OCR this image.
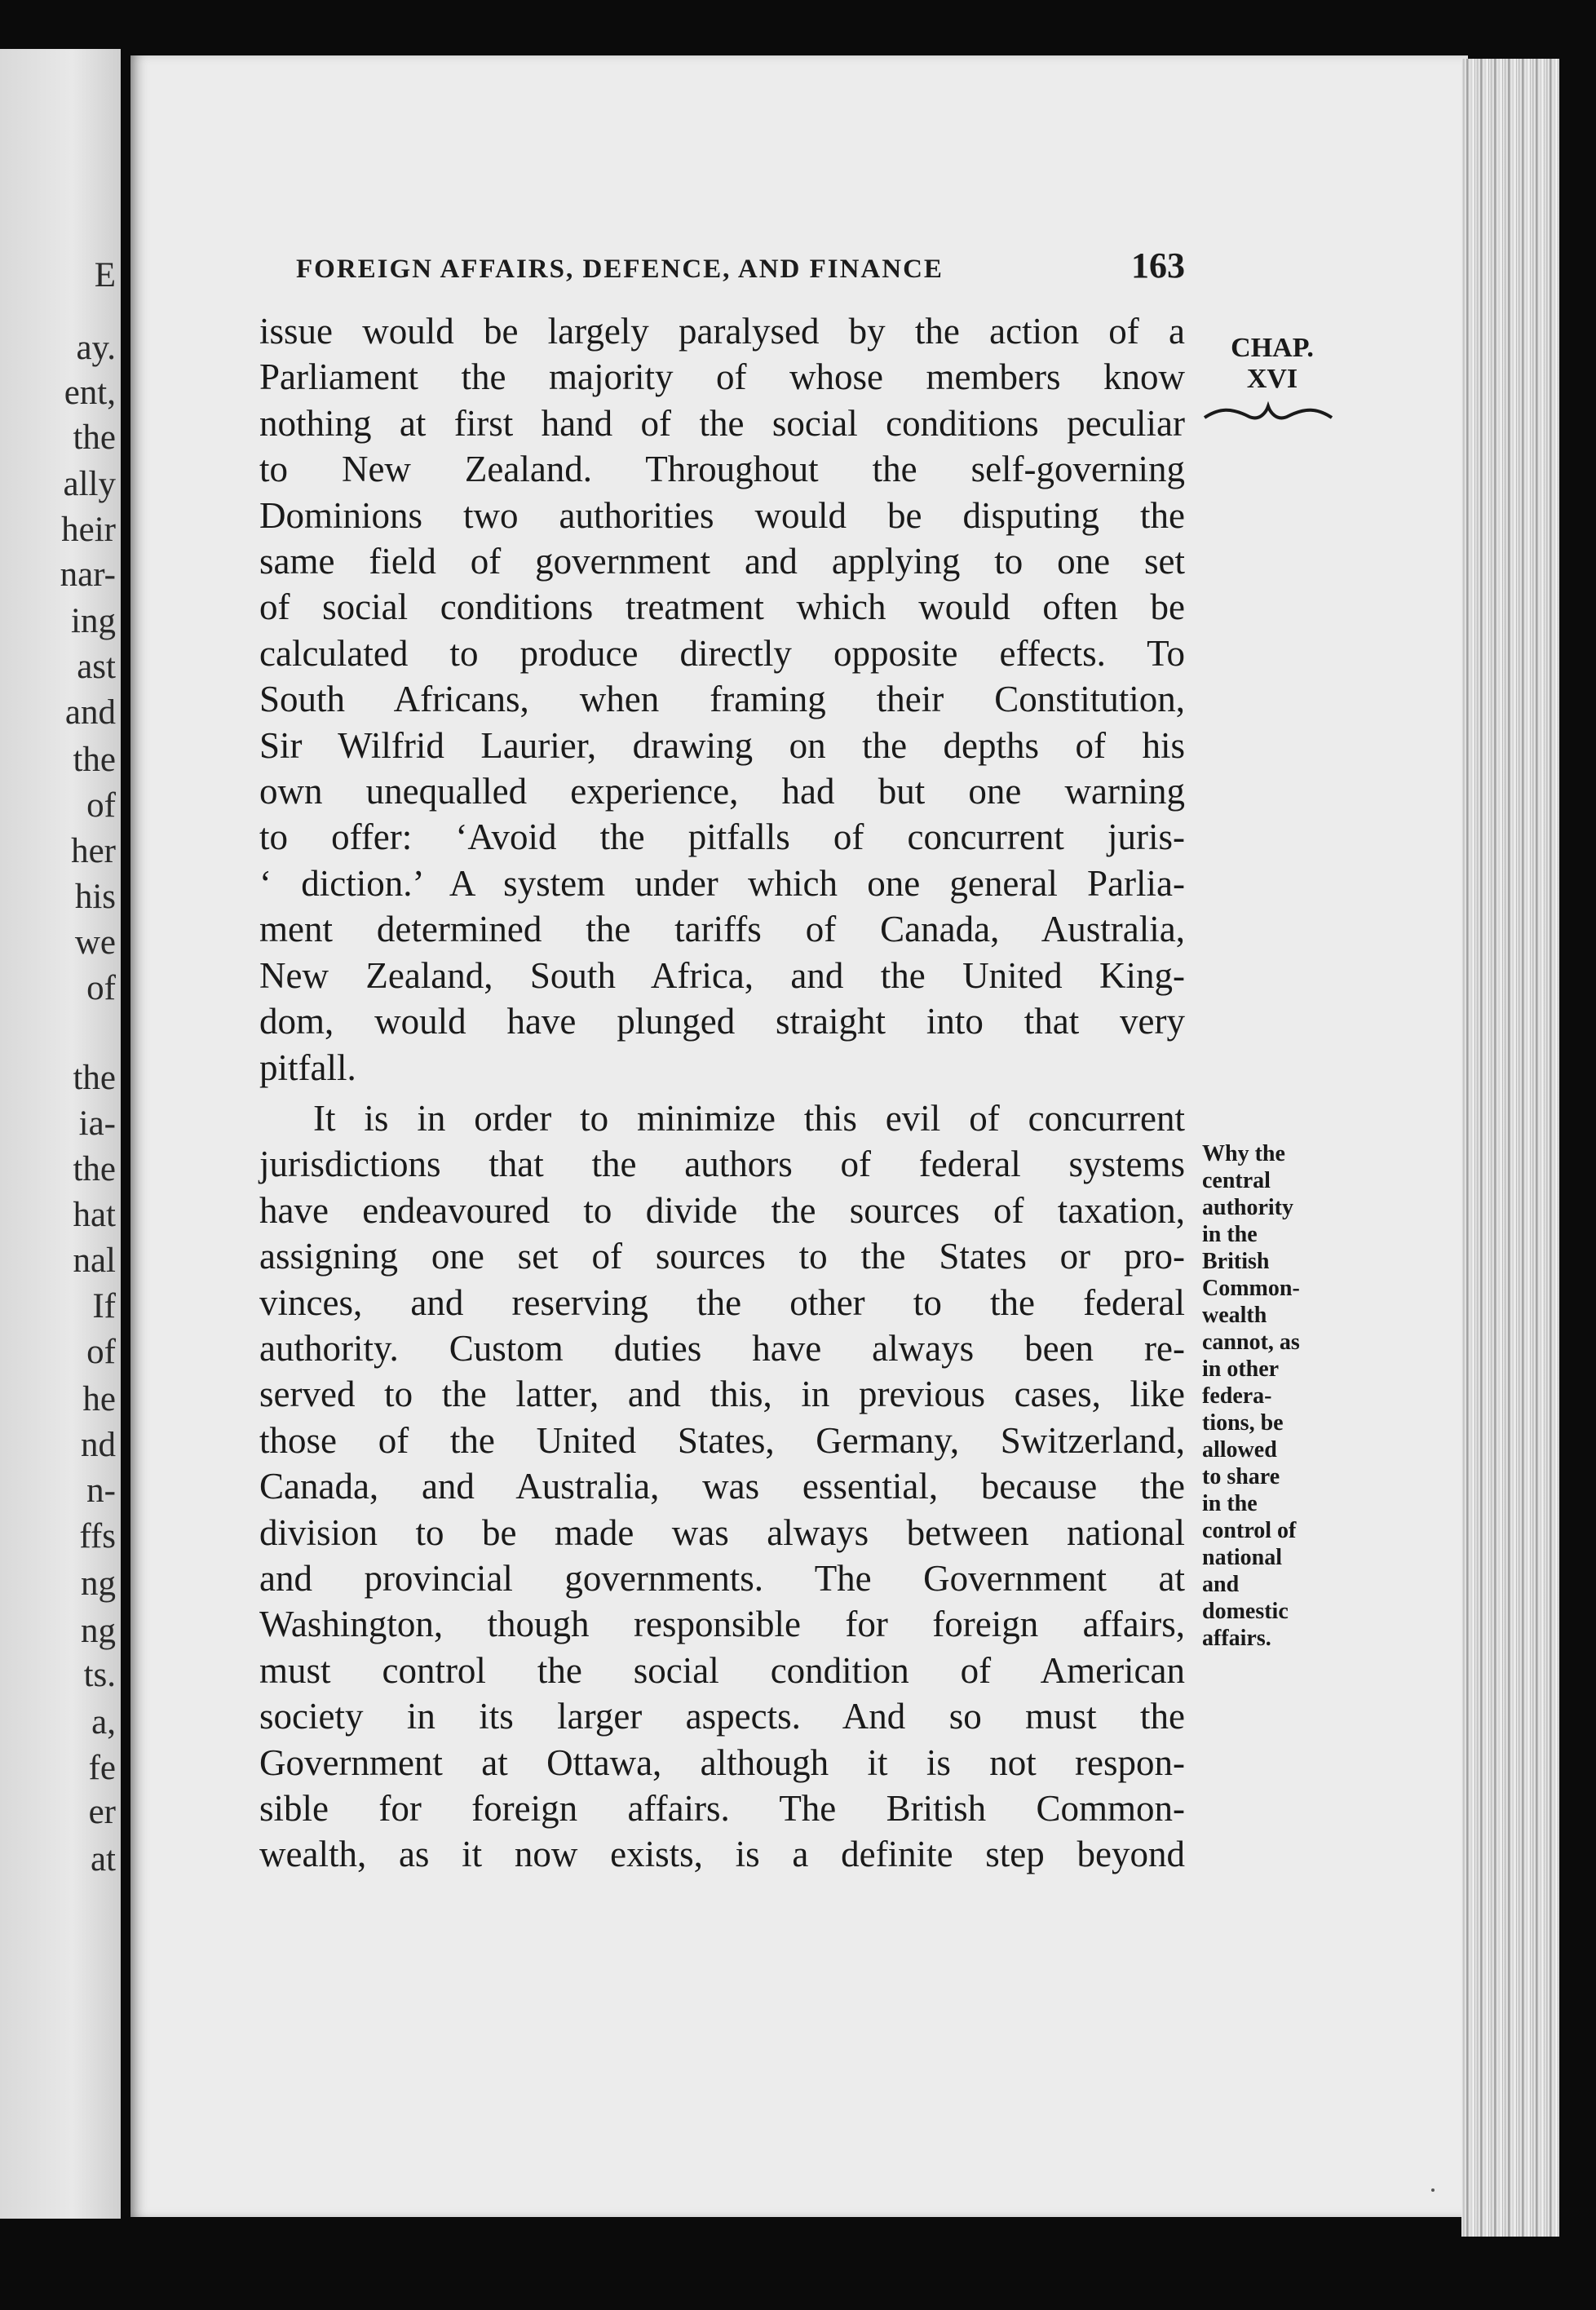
E
ay.
ent,
the
ally
heir
nar-
ing
ast
and
the
of
her
his
we
of
the
ia-
the
hat
nal
If
of
he
nd
n-
ffs
ng
ng
ts.
a,
fe
er
at
FOREIGN AFFAIRS, DEFENCE, AND FINANCE	163

issue would be largely paralysed by the action of a
Parliament the majority of whose members know
nothing at first hand of the social conditions peculiar
to New Zealand. Throughout the self-governing
Dominions two authorities would be disputing the
same field of government and applying to one set
of social conditions treatment which would often be
calculated to produce directly opposite effects. To
South Africans, when framing their Constitution,
Sir Wilfrid Laurier, drawing on the depths of his
own unequalled experience, had but one warning
to offer: ‘Avoid the pitfalls of concurrent juris-
‘ diction.’ A system under which one general Parlia-
ment determined the tariffs of Canada, Australia,
New Zealand, South Africa, and the United King-
dom, would have plunged straight into that very
pitfall.

It is in order to minimize this evil of concurrent
jurisdictions that the authors of federal systems
have endeavoured to divide the sources of taxation,
assigning one set of sources to the States or pro-
vinces, and reserving the other to the federal
authority. Custom duties have always been re-
served to the latter, and this, in previous cases, like
those of the United States, Germany, Switzerland,
Canada, and Australia, was essential, because the
division to be made was always between national
and provincial governments. The Government at
Washington, though responsible for foreign affairs,
must control the social condition of American
society in its larger aspects. And so must the
Government at Ottawa, although it is not respon-
sible for foreign affairs. The British Common-
wealth, as it now exists, is a definite step beyond

CHAP.
XVI
Why the
central
authority
in the
British
Common-
wealth
cannot, as
in other
federa-
tions, be
allowed
to share
in the
control of
national
and
domestic
affairs.
